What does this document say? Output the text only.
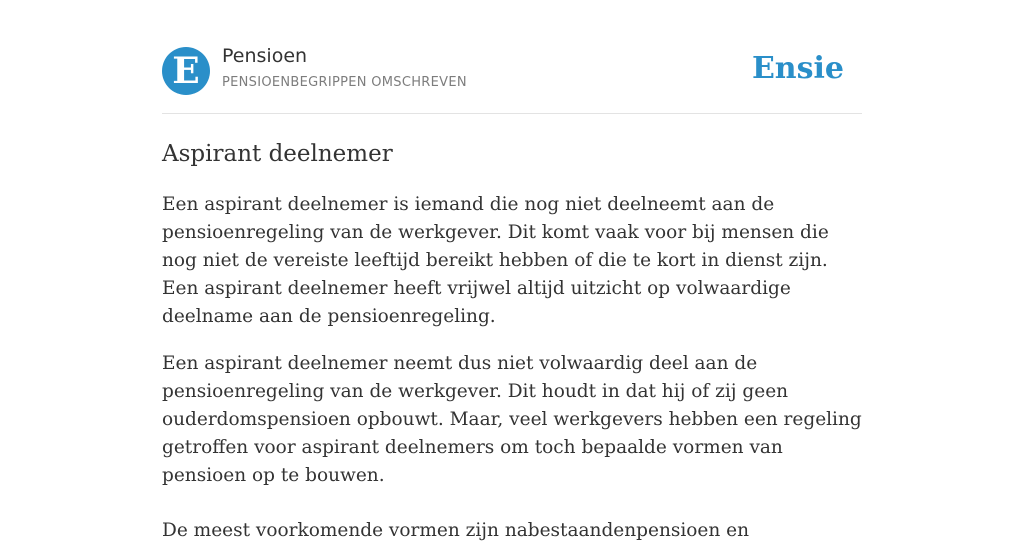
E	Pensioen
PENSIOENBEGRIPPEN OMSCHREVEN	Ensie
Aspirant deelnemer

Een aspirant deelnemer is iemand die nog niet deelneemt aan de pensioenregeling van de werkgever. Dit komt vaak voor bij mensen die nog niet de vereiste leeftijd bereikt hebben of die te kort in dienst zijn. Een aspirant deelnemer heeft vrijwel altijd uitzicht op volwaardige deelname aan de pensioenregeling.

Een aspirant deelnemer neemt dus niet volwaardig deel aan de pensioenregeling van de werkgever. Dit houdt in dat hij of zij geen ouderdomspensioen opbouwt. Maar, veel werkgevers hebben een regeling getroffen voor aspirant deelnemers om toch bepaalde vormen van pensioen op te bouwen.

De meest voorkomende vormen zijn nabestaandenpensioen en
